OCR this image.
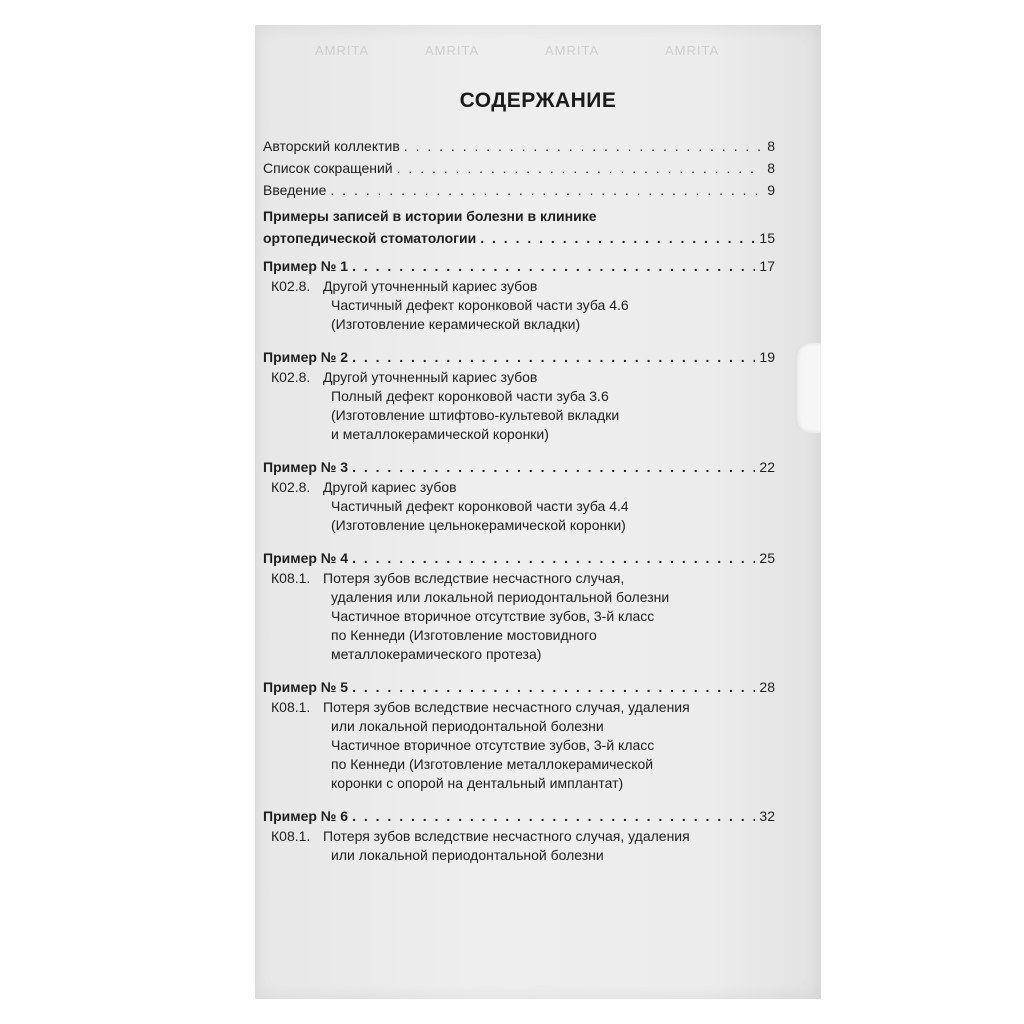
AMRITA	AMRITA	AMRITA	AMRITA
СОДЕРЖАНИЕ
Авторский коллектив . . .	8
Список сокращений . . .	8
Введение . . .	9
Примеры записей в истории болезни в клинике
ортопедической стоматологии . . .	15
Пример № 1 . . .	17
К02.8. Другой уточненный кариес зубов
Частичный дефект коронковой части зуба 4.6
(Изготовление керамической вкладки)
Пример № 2 . . .	19
К02.8. Другой уточненный кариес зубов
Полный дефект коронковой части зуба 3.6
(Изготовление штифтово-культевой вкладки
и металлокерамической коронки)
Пример № 3 . . .	22
К02.8. Другой кариес зубов
Частичный дефект коронковой части зуба 4.4
(Изготовление цельнокерамической коронки)
Пример № 4 . . .	25
К08.1. Потеря зубов вследствие несчастного случая,
удаления или локальной периодонтальной болезни
Частичное вторичное отсутствие зубов, 3-й класс
по Кеннеди (Изготовление мостовидного
металлокерамического протеза)
Пример № 5 . . .	28
К08.1. Потеря зубов вследствие несчастного случая, удаления
или локальной периодонтальной болезни
Частичное вторичное отсутствие зубов, 3-й класс
по Кеннеди (Изготовление металлокерамической
коронки с опорой на дентальный имплантат)
Пример № 6 . . .	32
К08.1. Потеря зубов вследствие несчастного случая, удаления
или локальной периодонтальной болезни
